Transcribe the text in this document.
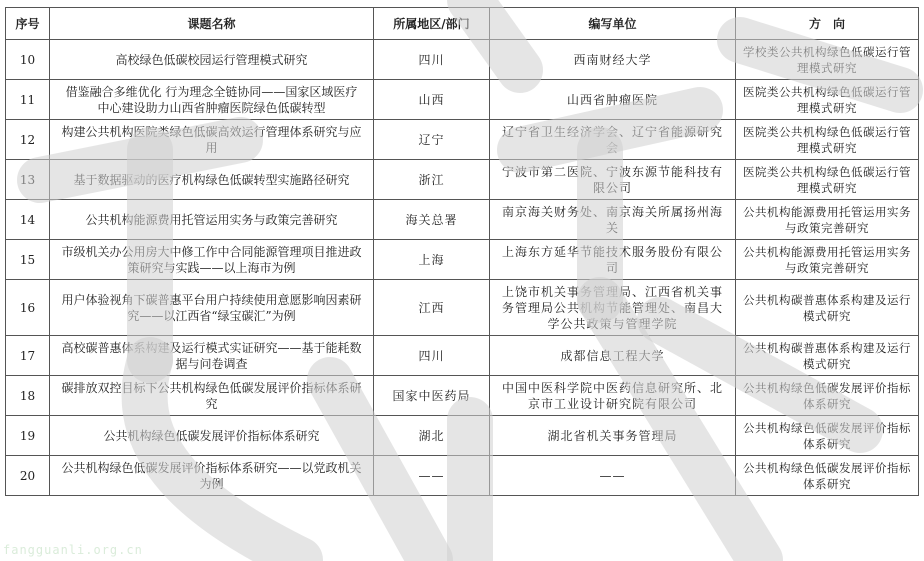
序号	课题名称	所属地区/部门	编写单位	方　向
10	高校绿色低碳校园运行管理模式研究	四川	西南财经大学	学校类公共机构绿色低碳运行管理模式研究
11	借鉴融合多维优化 行为理念全链协同——国家区域医疗中心建设助力山西省肿瘤医院绿色低碳转型	山西	山西省肿瘤医院	医院类公共机构绿色低碳运行管理模式研究
12	构建公共机构医院类绿色低碳高效运行管理体系研究与应用	辽宁	辽宁省卫生经济学会、辽宁省能源研究会	医院类公共机构绿色低碳运行管理模式研究
13	基于数据驱动的医疗机构绿色低碳转型实施路径研究	浙江	宁波市第二医院、宁波东源节能科技有限公司	医院类公共机构绿色低碳运行管理模式研究
14	公共机构能源费用托管运用实务与政策完善研究	海关总署	南京海关财务处、南京海关所属扬州海关	公共机构能源费用托管运用实务与政策完善研究
15	市级机关办公用房大中修工作中合同能源管理项目推进政策研究与实践——以上海市为例	上海	上海东方延华节能技术服务股份有限公司	公共机构能源费用托管运用实务与政策完善研究
16	用户体验视角下碳普惠平台用户持续使用意愿影响因素研究——以江西省“绿宝碳汇”为例	江西	上饶市机关事务管理局、江西省机关事务管理局公共机构节能管理处、南昌大学公共政策与管理学院	公共机构碳普惠体系构建及运行模式研究
17	高校碳普惠体系构建及运行模式实证研究——基于能耗数据与问卷调查	四川	成都信息工程大学	公共机构碳普惠体系构建及运行模式研究
18	碳排放双控目标下公共机构绿色低碳发展评价指标体系研究	国家中医药局	中国中医科学院中医药信息研究所、北京市工业设计研究院有限公司	公共机构绿色低碳发展评价指标体系研究
19	公共机构绿色低碳发展评价指标体系研究	湖北	湖北省机关事务管理局	公共机构绿色低碳发展评价指标体系研究
20	公共机构绿色低碳发展评价指标体系研究——以党政机关为例	——	——	公共机构绿色低碳发展评价指标体系研究
fangguanli.org.cn
